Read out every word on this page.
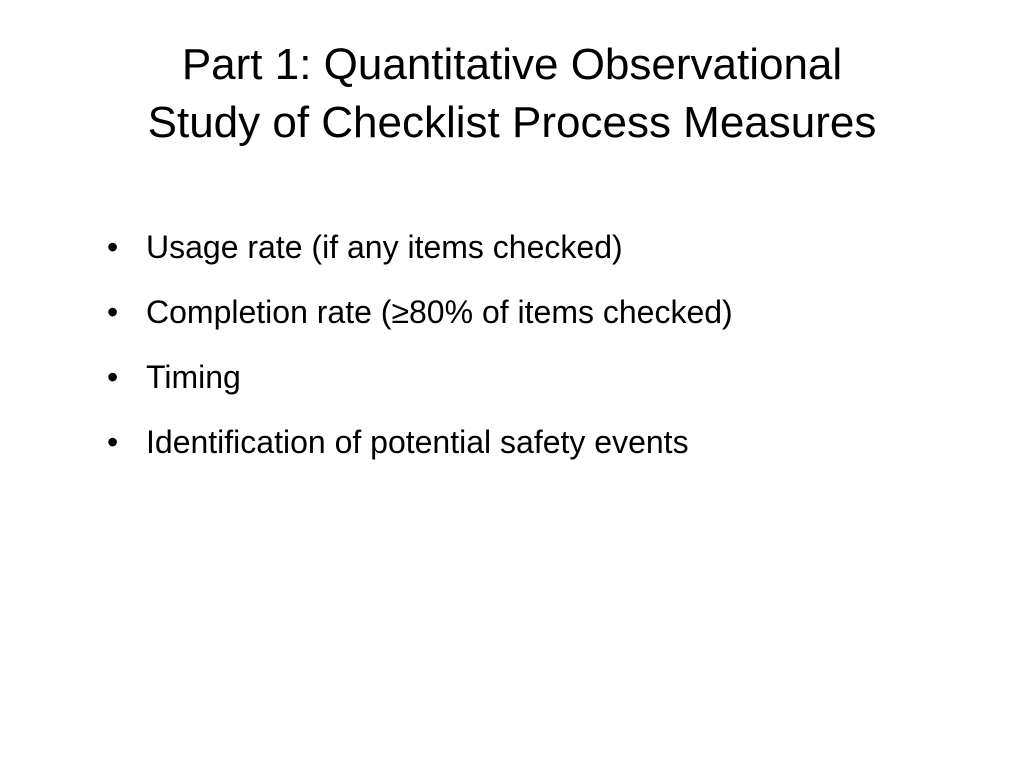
Part 1: Quantitative Observational
Study of Checklist Process Measures
• Usage rate (if any items checked)
• Completion rate (≥80% of items checked)
• Timing
• Identification of potential safety events
